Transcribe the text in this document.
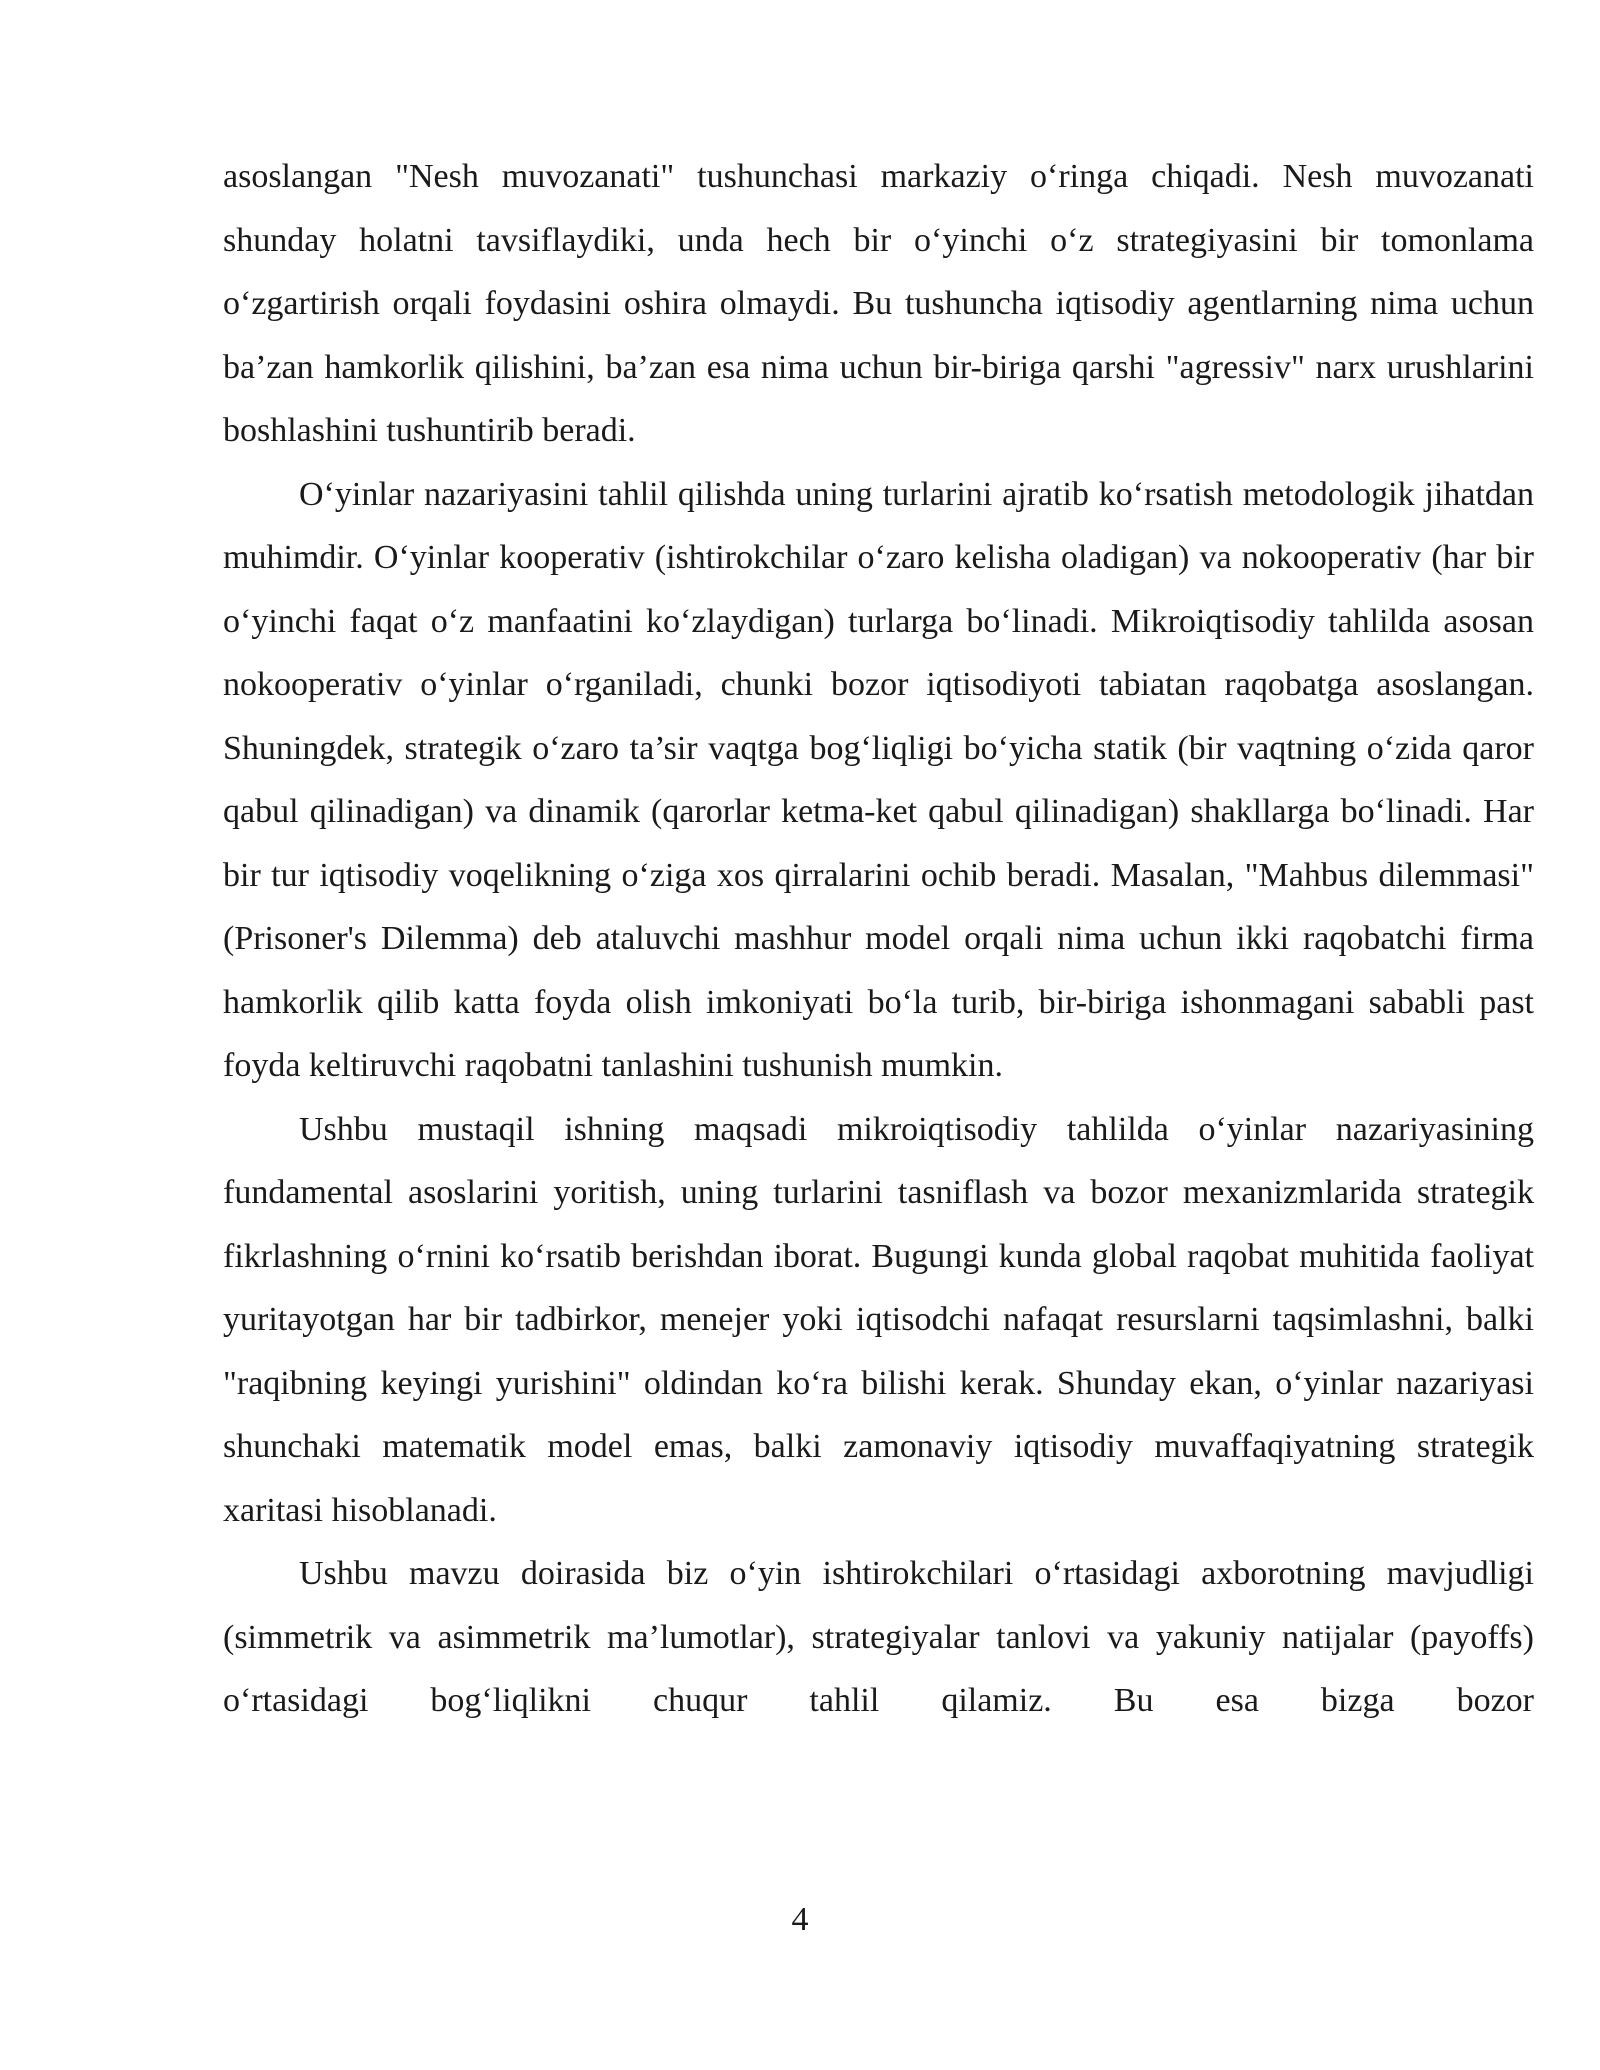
asoslangan "Nesh muvozanati" tushunchasi markaziy o‘ringa chiqadi. Nesh muvozanati shunday holatni tavsiflaydiki, unda hech bir o‘yinchi o‘z strategiyasini bir tomonlama o‘zgartirish orqali foydasini oshira olmaydi. Bu tushuncha iqtisodiy agentlarning nima uchun ba’zan hamkorlik qilishini, ba’zan esa nima uchun bir-biriga qarshi "agressiv" narx urushlarini boshlashini tushuntirib beradi.

O‘yinlar nazariyasini tahlil qilishda uning turlarini ajratib ko‘rsatish metodologik jihatdan muhimdir. O‘yinlar kooperativ (ishtirokchilar o‘zaro kelisha oladigan) va nokooperativ (har bir o‘yinchi faqat o‘z manfaatini ko‘zlaydigan) turlarga bo‘linadi. Mikroiqtisodiy tahlilda asosan nokooperativ o‘yinlar o‘rganiladi, chunki bozor iqtisodiyoti tabiatan raqobatga asoslangan. Shuningdek, strategik o‘zaro ta’sir vaqtga bog‘liqligi bo‘yicha statik (bir vaqtning o‘zida qaror qabul qilinadigan) va dinamik (qarorlar ketma-ket qabul qilinadigan) shakllarga bo‘linadi. Har bir tur iqtisodiy voqelikning o‘ziga xos qirralarini ochib beradi. Masalan, "Mahbus dilemmasi" (Prisoner's Dilemma) deb ataluvchi mashhur model orqali nima uchun ikki raqobatchi firma hamkorlik qilib katta foyda olish imkoniyati bo‘la turib, bir-biriga ishonmagani sababli past foyda keltiruvchi raqobatni tanlashini tushunish mumkin.

Ushbu mustaqil ishning maqsadi mikroiqtisodiy tahlilda o‘yinlar nazariyasining fundamental asoslarini yoritish, uning turlarini tasniflash va bozor mexanizmlarida strategik fikrlashning o‘rnini ko‘rsatib berishdan iborat. Bugungi kunda global raqobat muhitida faoliyat yuritayotgan har bir tadbirkor, menejer yoki iqtisodchi nafaqat resurslarni taqsimlashni, balki "raqibning keyingi yurishini" oldindan ko‘ra bilishi kerak. Shunday ekan, o‘yinlar nazariyasi shunchaki matematik model emas, balki zamonaviy iqtisodiy muvaffaqiyatning strategik xaritasi hisoblanadi.

Ushbu mavzu doirasida biz o‘yin ishtirokchilari o‘rtasidagi axborotning mavjudligi (simmetrik va asimmetrik ma’lumotlar), strategiyalar tanlovi va yakuniy natijalar (payoffs) o‘rtasidagi bog‘liqlikni chuqur tahlil qilamiz. Bu esa bizga bozor

4
